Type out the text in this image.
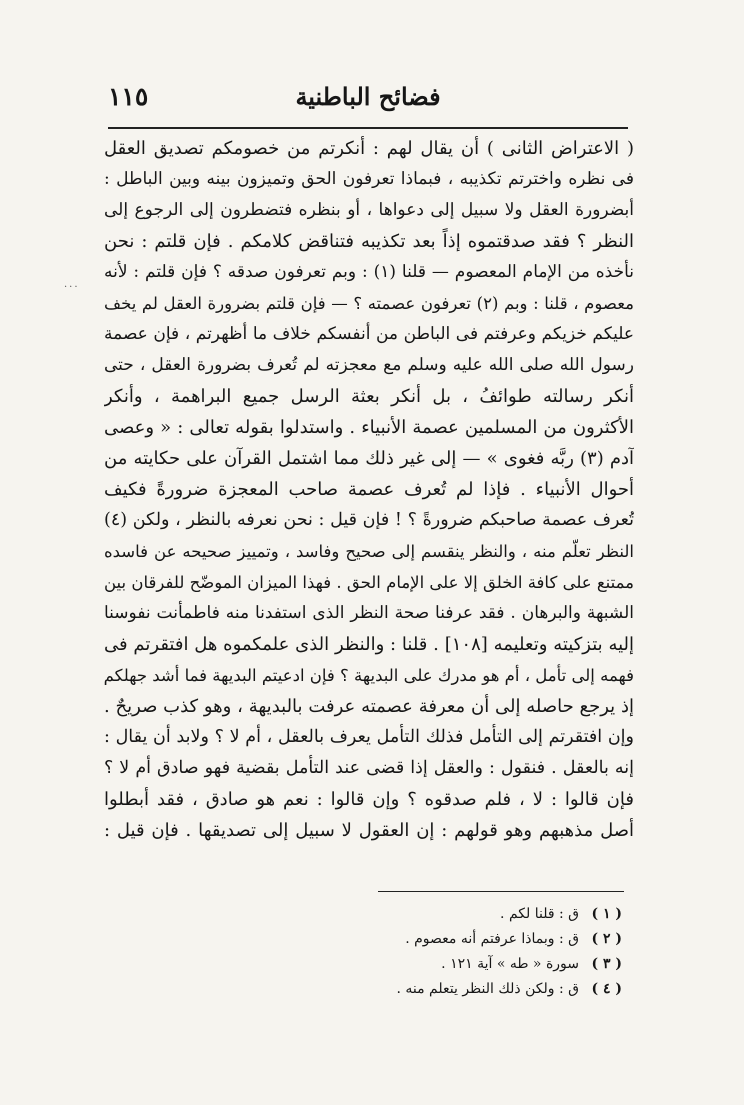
١١٥	فضائح الباطنية
...
( الاعتراض الثانى ) أن يقال لهم : أنكرتم من خصومكم تصديق العقل
فى نظره واخترتم تكذيبه ، فبماذا تعرفون الحق وتميزون بينه وبين الباطل :
أبضرورة العقل ولا سبيل إلى دعواها ، أو بنظره فتضطرون إلى الرجوع إلى
النظر ؟ فقد صدقتموه إذاً بعد تكذيبه فتناقض كلامكم . فإن قلتم : نحن
نأخذه من الإمام المعصوم — قلنا (١) : وبم تعرفون صدقه ؟ فإن قلتم : لأنه
معصوم ، قلنا : وبم (٢) تعرفون عصمته ؟ — فإن قلتم بضرورة العقل لم يخف
عليكم خزيكم وعرفتم فى الباطن من أنفسكم خلاف ما أظهرتم ، فإن عصمة
رسول الله صلى الله عليه وسلم مع معجزته لم تُعرف بضرورة العقل ، حتى
أنكر رسالته طوائفُ ، بل أنكر بعثة الرسل جميع البراهمة ، وأنكر
الأكثرون من المسلمين عصمة الأنبياء . واستدلوا بقوله تعالى : « وعصى
آدم (٣) ربَّه فغوى » — إلى غير ذلك مما اشتمل القرآن على حكايته من
أحوال الأنبياء . فإذا لم تُعرف عصمة صاحب المعجزة ضرورةً فكيف
تُعرف عصمة صاحبكم ضرورةً ؟ ! فإن قيل : نحن نعرفه بالنظر ، ولكن (٤)
النظر تعلّم منه ، والنظر ينقسم إلى صحيح وفاسد ، وتمييز صحيحه عن فاسده
ممتنع على كافة الخلق إلا على الإمام الحق . فهذا الميزان الموضّح للفرقان بين
الشبهة والبرهان . فقد عرفنا صحة النظر الذى استفدنا منه فاطمأنت نفوسنا
إليه بتزكيته وتعليمه [١٠٨] . قلنا : والنظر الذى علمكموه هل افتقرتم فى
فهمه إلى تأمل ، أم هو مدرك على البديهة ؟ فإن ادعيتم البديهة فما أشد جهلكم
إذ يرجع حاصله إلى أن معرفة عصمته عرفت بالبديهة ، وهو كذب صريحٌ .
وإن افتقرتم إلى التأمل فذلك التأمل يعرف بالعقل ، أم لا ؟ ولابد أن يقال :
إنه بالعقل . فنقول : والعقل إذا قضى عند التأمل بقضية فهو صادق أم لا ؟
فإن قالوا : لا ، فلم صدقوه ؟ وإن قالوا : نعم هو صادق ، فقد أبطلوا
أصل مذهبهم وهو قولهم : إن العقول لا سبيل إلى تصديقها . فإن قيل :
( ١ ) ق : قلنا لكم .
( ٢ ) ق : وبماذا عرفتم أنه معصوم .
( ٣ ) سورة « طه » آية ١٢١ .
( ٤ ) ق : ولكن ذلك النظر يتعلم منه .
